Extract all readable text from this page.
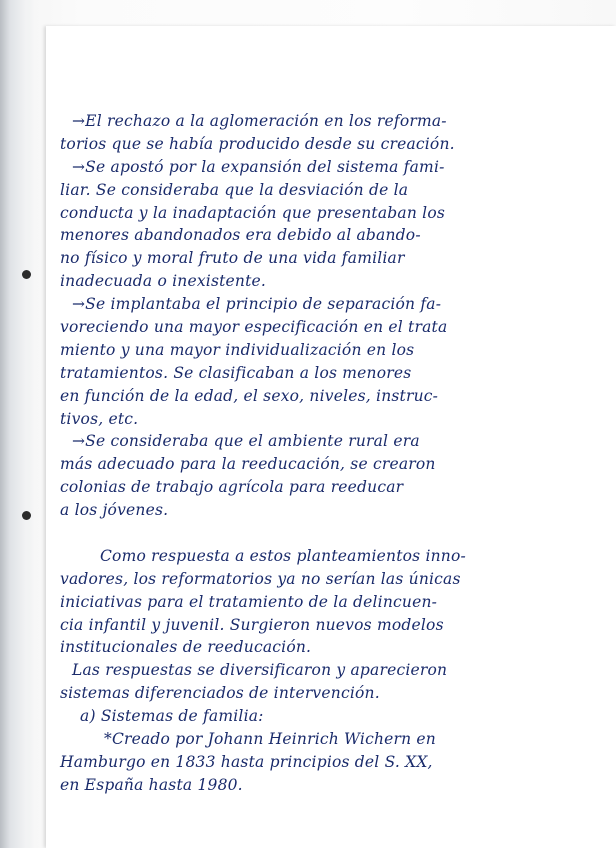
→El rechazo a la aglomeración en los reforma-
torios que se había producido desde su creación.
→Se apostó por la expansión del sistema fami-
liar. Se consideraba que la desviación de la
conducta y la inadaptación que presentaban los
menores abandonados era debido al abando-
no físico y moral fruto de una vida familiar
inadecuada o inexistente.
→Se implantaba el principio de separación fa-
voreciendo una mayor especificación en el trata
miento y una mayor individualización en los
tratamientos. Se clasificaban a los menores
en función de la edad, el sexo, niveles, instruc-
tivos, etc.
→Se consideraba que el ambiente rural era
más adecuado para la reeducación, se crearon
colonias de trabajo agrícola para reeducar
a los jóvenes.
Como respuesta a estos planteamientos inno-
vadores, los reformatorios ya no serían las únicas
iniciativas para el tratamiento de la delincuen-
cia infantil y juvenil. Surgieron nuevos modelos
institucionales de reeducación.
Las respuestas se diversificaron y aparecieron
sistemas diferenciados de intervención.
a) Sistemas de familia:
*Creado por Johann Heinrich Wichern en
Hamburgo en 1833 hasta principios del S. XX,
en España hasta 1980.
